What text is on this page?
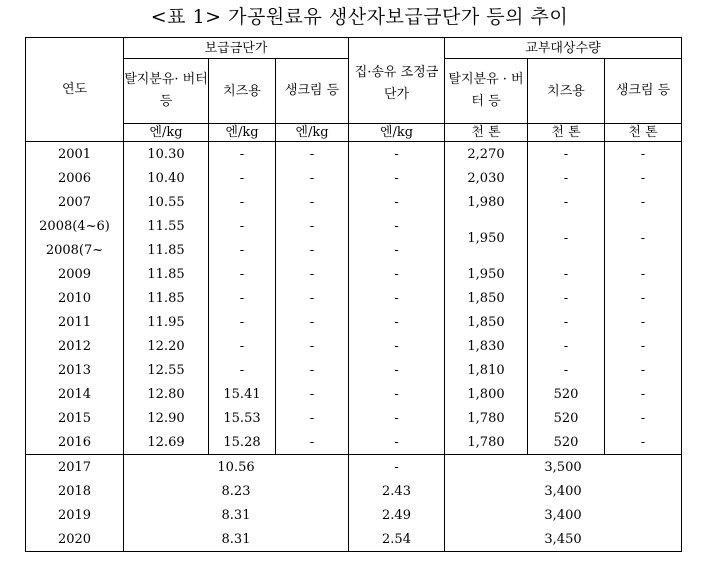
<표 1> 가공원료유 생산자보급금단가 등의 추이
연도	보급금단가			집·송유 조정금단가	교부대상수량		
	탈지분유· 버터 등	치즈용	생크림 등		탈지분유 · 버터 등	치즈용	생크림 등
	엔/kg	엔/kg	엔/kg	엔/kg	천 톤	천 톤	천 톤
2001	10.30	-	-	-	2,270	-	-
2006	10.40	-	-	-	2,030	-	-
2007	10.55	-	-	-	1,980	-	-
2008(4~6)	11.55	-	-	-	1,950	-	-
2008(7~	11.85	-	-	-			
2009	11.85	-	-	-	1,950	-	-
2010	11.85	-	-	-	1,850	-	-
2011	11.95	-	-	-	1,850	-	-
2012	12.20	-	-	-	1,830	-	-
2013	12.55	-	-	-	1,810	-	-
2014	12.80	15.41	-	-	1,800	520	-
2015	12.90	15.53	-	-	1,780	520	-
2016	12.69	15.28	-	-	1,780	520	-
2017	10.56			-	3,500		
2018	8.23			2.43	3,400		
2019	8.31			2.49	3,400		
2020	8.31			2.54	3,450		
